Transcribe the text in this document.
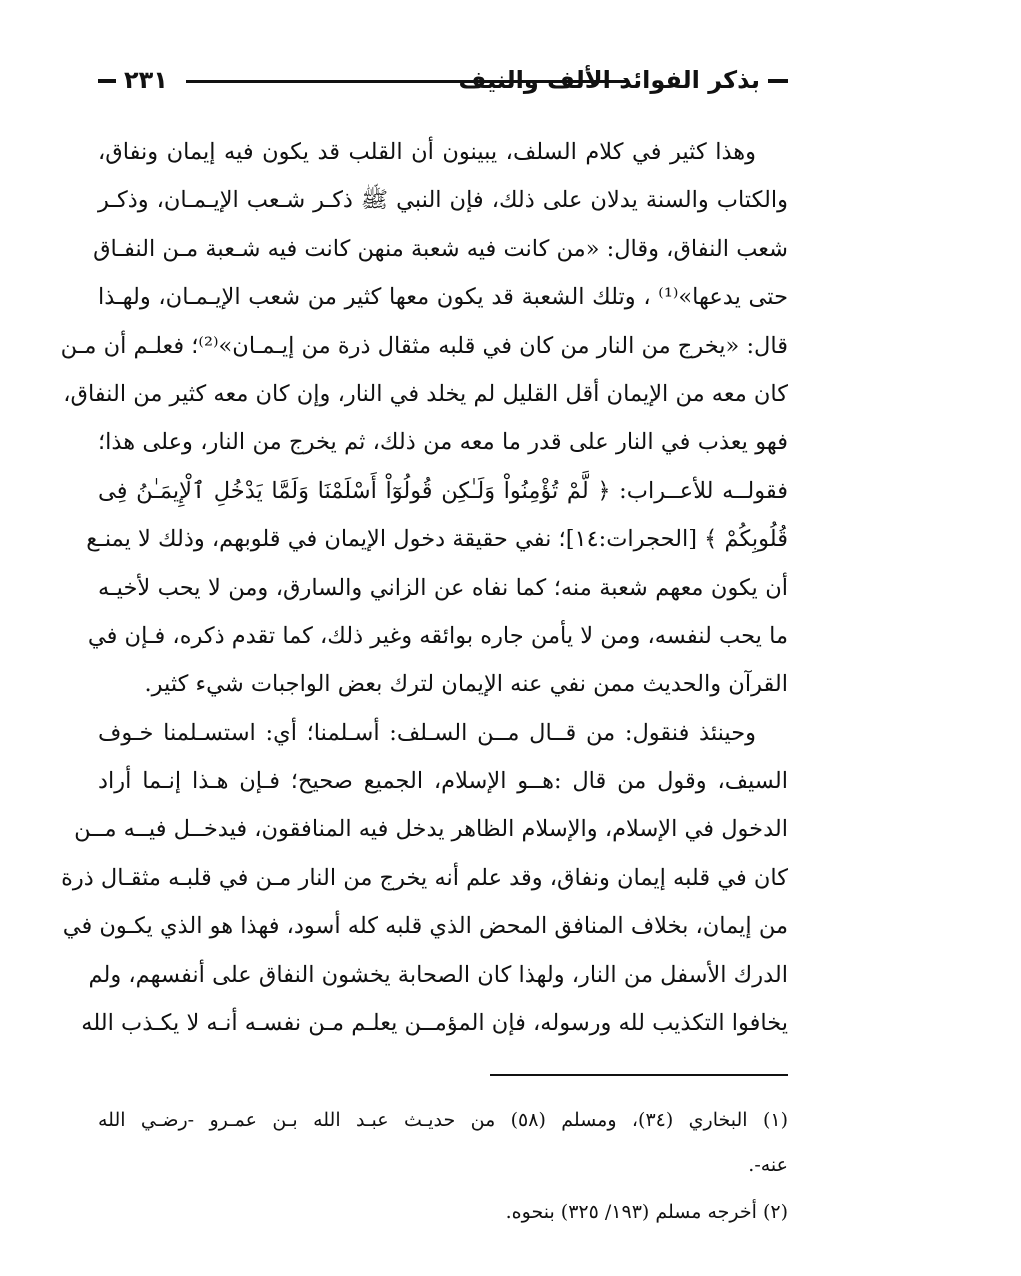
٢٣١	بذكر الفوائد الألف والنيف
وهذا كثير في كلام السلف، يبينون أن القلب قد يكون فيه إيمان ونفاق،
والكتاب والسنة يدلان على ذلك، فإن النبي ﷺ ذكـر شـعب الإيـمـان، وذكـر
شعب النفاق، وقال: «من كانت فيه شعبة منهن كانت فيه شـعبة مـن النفـاق
حتى يدعها»⁽¹⁾ ، وتلك الشعبة قد يكون معها كثير من شعب الإيـمـان، ولهـذا
قال: «يخرج من النار من كان في قلبه مثقال ذرة من إيـمـان»⁽²⁾؛ فعلـم أن مـن
كان معه من الإيمان أقل القليل لم يخلد في النار، وإن كان معه كثير من النفاق،
فهو يعذب في النار على قدر ما معه من ذلك، ثم يخرج من النار، وعلى هذا؛
فقولــه للأعــراب: ﴿ لَّمْ تُؤْمِنُواْ وَلَـٰكِن قُولُوٓاْ أَسْلَمْنَا وَلَمَّا يَدْخُلِ ٱلْإِيمَـٰنُ فِى
قُلُوبِكُمْ ﴾ [الحجرات:١٤]؛ نفي حقيقة دخول الإيمان في قلوبهم، وذلك لا يمنـع
أن يكون معهم شعبة منه؛ كما نفاه عن الزاني والسارق، ومن لا يحب لأخيـه
ما يحب لنفسه، ومن لا يأمن جاره بوائقه وغير ذلك، كما تقدم ذكره، فـإن في
القرآن والحديث ممن نفي عنه الإيمان لترك بعض الواجبات شيء كثير.
وحينئذ فنقول: من قــال مــن السـلف: أسـلمنا؛ أي: استسـلمنا خـوف
السيف، وقول من قال :هــو الإسلام، الجميع صحيح؛ فـإن هـذا إنـما أراد
الدخول في الإسلام، والإسلام الظاهر يدخل فيه المنافقون، فيدخــل فيــه مــن
كان في قلبه إيمان ونفاق، وقد علم أنه يخرج من النار مـن في قلبـه مثقـال ذرة
من إيمان، بخلاف المنافق المحض الذي قلبه كله أسود، فهذا هو الذي يكـون في
الدرك الأسفل من النار، ولهذا كان الصحابة يخشون النفاق على أنفسهم، ولم
يخافوا التكذيب لله ورسوله، فإن المؤمــن يعلـم مـن نفسـه أنـه لا يكـذب الله
(١) البخاري (٣٤)، ومسلم (٥٨) من حديـث عبـد الله بـن عمـرو -رضـي الله
عنه-.
(٢) أخرجه مسلم (١٩٣/ ٣٢٥) بنحوه.
